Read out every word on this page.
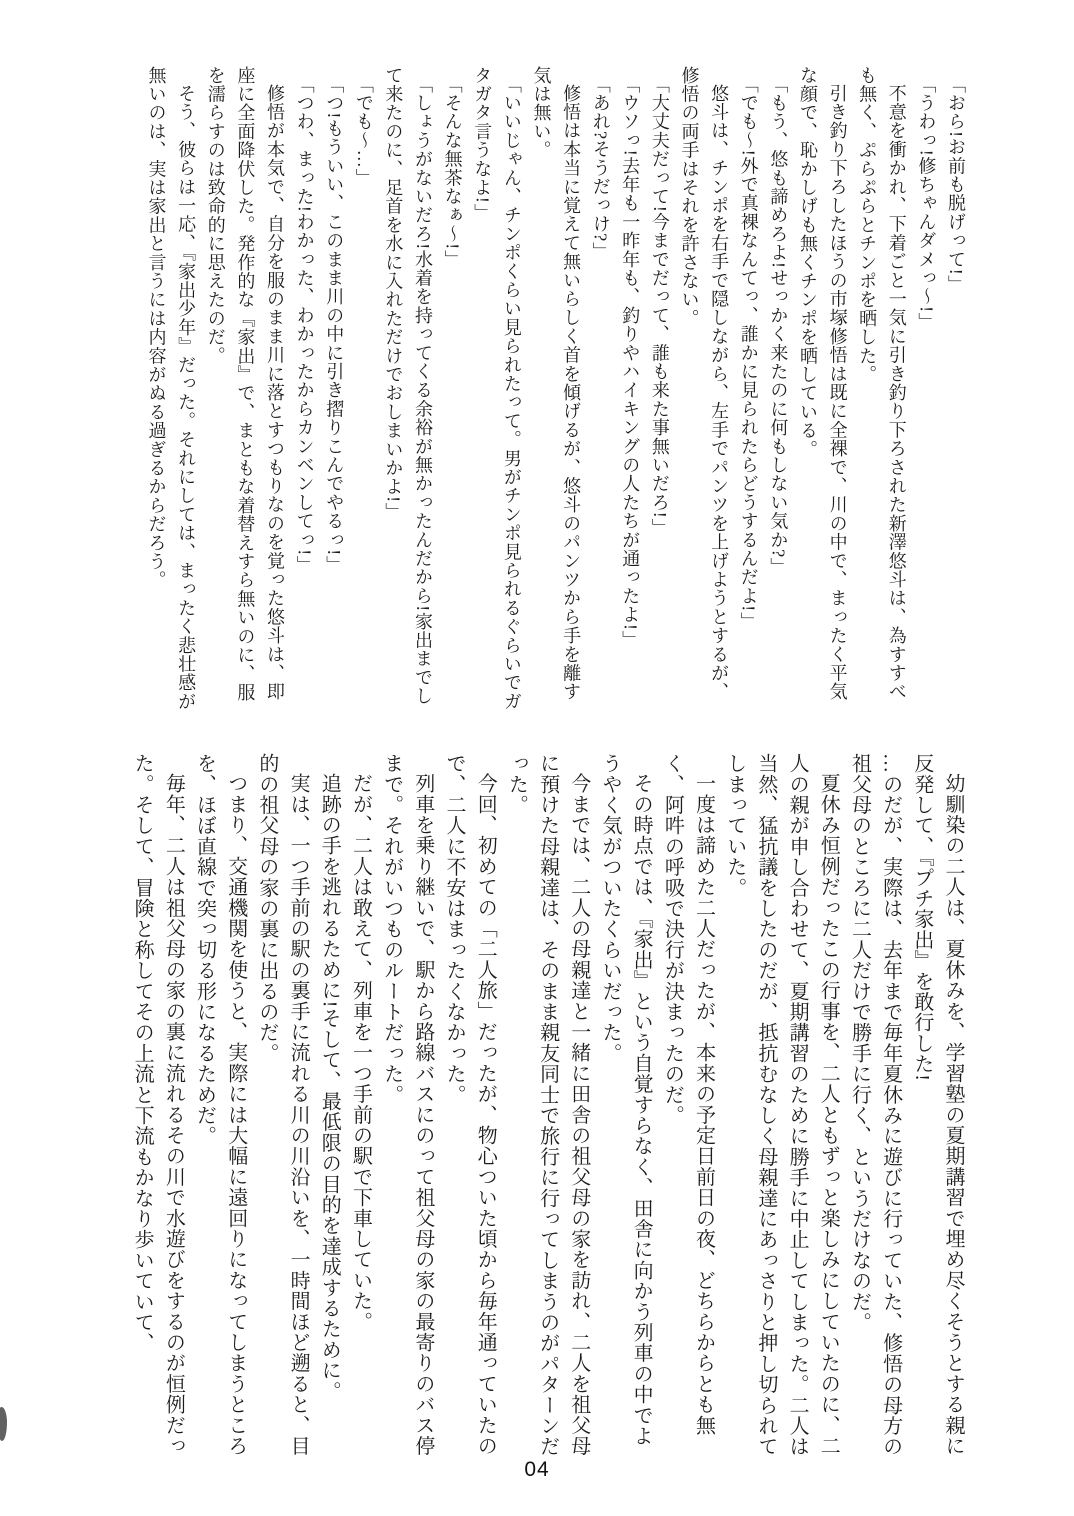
「おら!お前も脱げって!」

「うわっ!修ちゃんダメっ〜!」

不意を衝かれ、下着ごと一気に引き釣り下ろされた新澤悠斗は、為すすべも無く、ぷらぷらとチンポを晒した。

引き釣り下ろしたほうの市塚修悟は既に全裸で、川の中で、まったく平気な顔で、恥かしげも無くチンポを晒している。

「もう、悠も諦めろよ!せっかく来たのに何もしない気か?」

「でも〜!外で真裸なんてっ、誰かに見られたらどうするんだよ!」

悠斗は、チンポを右手で隠しながら、左手でパンツを上げようとするが、修悟の両手はそれを許さない。

「大丈夫だって!今までだって、誰も来た事無いだろ!」

「ウソっ!去年も一昨年も、釣りやハイキングの人たちが通ったよ!」

「あれ?そうだっけ?」

修悟は本当に覚えて無いらしく首を傾げるが、悠斗のパンツから手を離す気は無い。

「いいじゃん、チンポくらい見られたって。男がチンポ見られるぐらいでガタガタ言うなよ!」

「そんな無茶なぁ〜!」

「しょうがないだろ!水着を持ってくる余裕が無かったんだから!家出までして来たのに、足首を水に入れただけでおしまいかよ!」

「でも〜…」

「つ!もういい、このまま川の中に引き摺りこんでやるっ!」

「つわ、まった!わかった、わかったからカンベンしてっ!」

修悟が本気で、自分を服のまま川に落とすつもりなのを覚った悠斗は、即座に全面降伏した。発作的な『家出』で、まともな着替えすら無いのに、服を濡らすのは致命的に思えたのだ。

そう、彼らは一応、『家出少年』だった。それにしては、まったく悲壮感が無いのは、実は家出と言うには内容がぬる過ぎるからだろう。

幼馴染の二人は、夏休みを、学習塾の夏期講習で埋め尽くそうとする親に反発して、『プチ家出』を敢行した!

…のだが、実際は、去年まで毎年夏休みに遊びに行っていた、修悟の母方の祖父母のところに二人だけで勝手に行く、というだけなのだ。

夏休み恒例だったこの行事を、二人ともずっと楽しみにしていたのに、二人の親が申し合わせて、夏期講習のために勝手に中止してしまった。二人は当然、猛抗議をしたのだが、抵抗むなしく母親達にあっさりと押し切られてしまっていた。

一度は諦めた二人だったが、本来の予定日前日の夜、どちらからとも無く、阿吽の呼吸で決行が決まったのだ。

その時点では、『家出』という自覚すらなく、田舎に向かう列車の中でようやく気がついたくらいだった。

今までは、二人の母親達と一緒に田舎の祖父母の家を訪れ、二人を祖父母に預けた母親達は、そのまま親友同士で旅行に行ってしまうのがパターンだった。

今回、初めての「二人旅」だったが、物心ついた頃から毎年通っていたので、二人に不安はまったくなかった。

列車を乗り継いで、駅から路線バスにのって祖父母の家の最寄りのバス停まで。それがいつものルートだった。

だが、二人は敢えて、列車を一つ手前の駅で下車していた。

追跡の手を逃れるために!そして、最低限の目的を達成するために。

実は、一つ手前の駅の裏手に流れる川の川沿いを、一時間ほど遡ると、目的の祖父母の家の裏に出るのだ。

つまり、交通機関を使うと、実際には大幅に遠回りになってしまうところを、ほぼ直線で突っ切る形になるためだ。

毎年、二人は祖父母の家の裏に流れるその川で水遊びをするのが恒例だった。そして、冒険と称してその上流と下流もかなり歩いていて、

04
